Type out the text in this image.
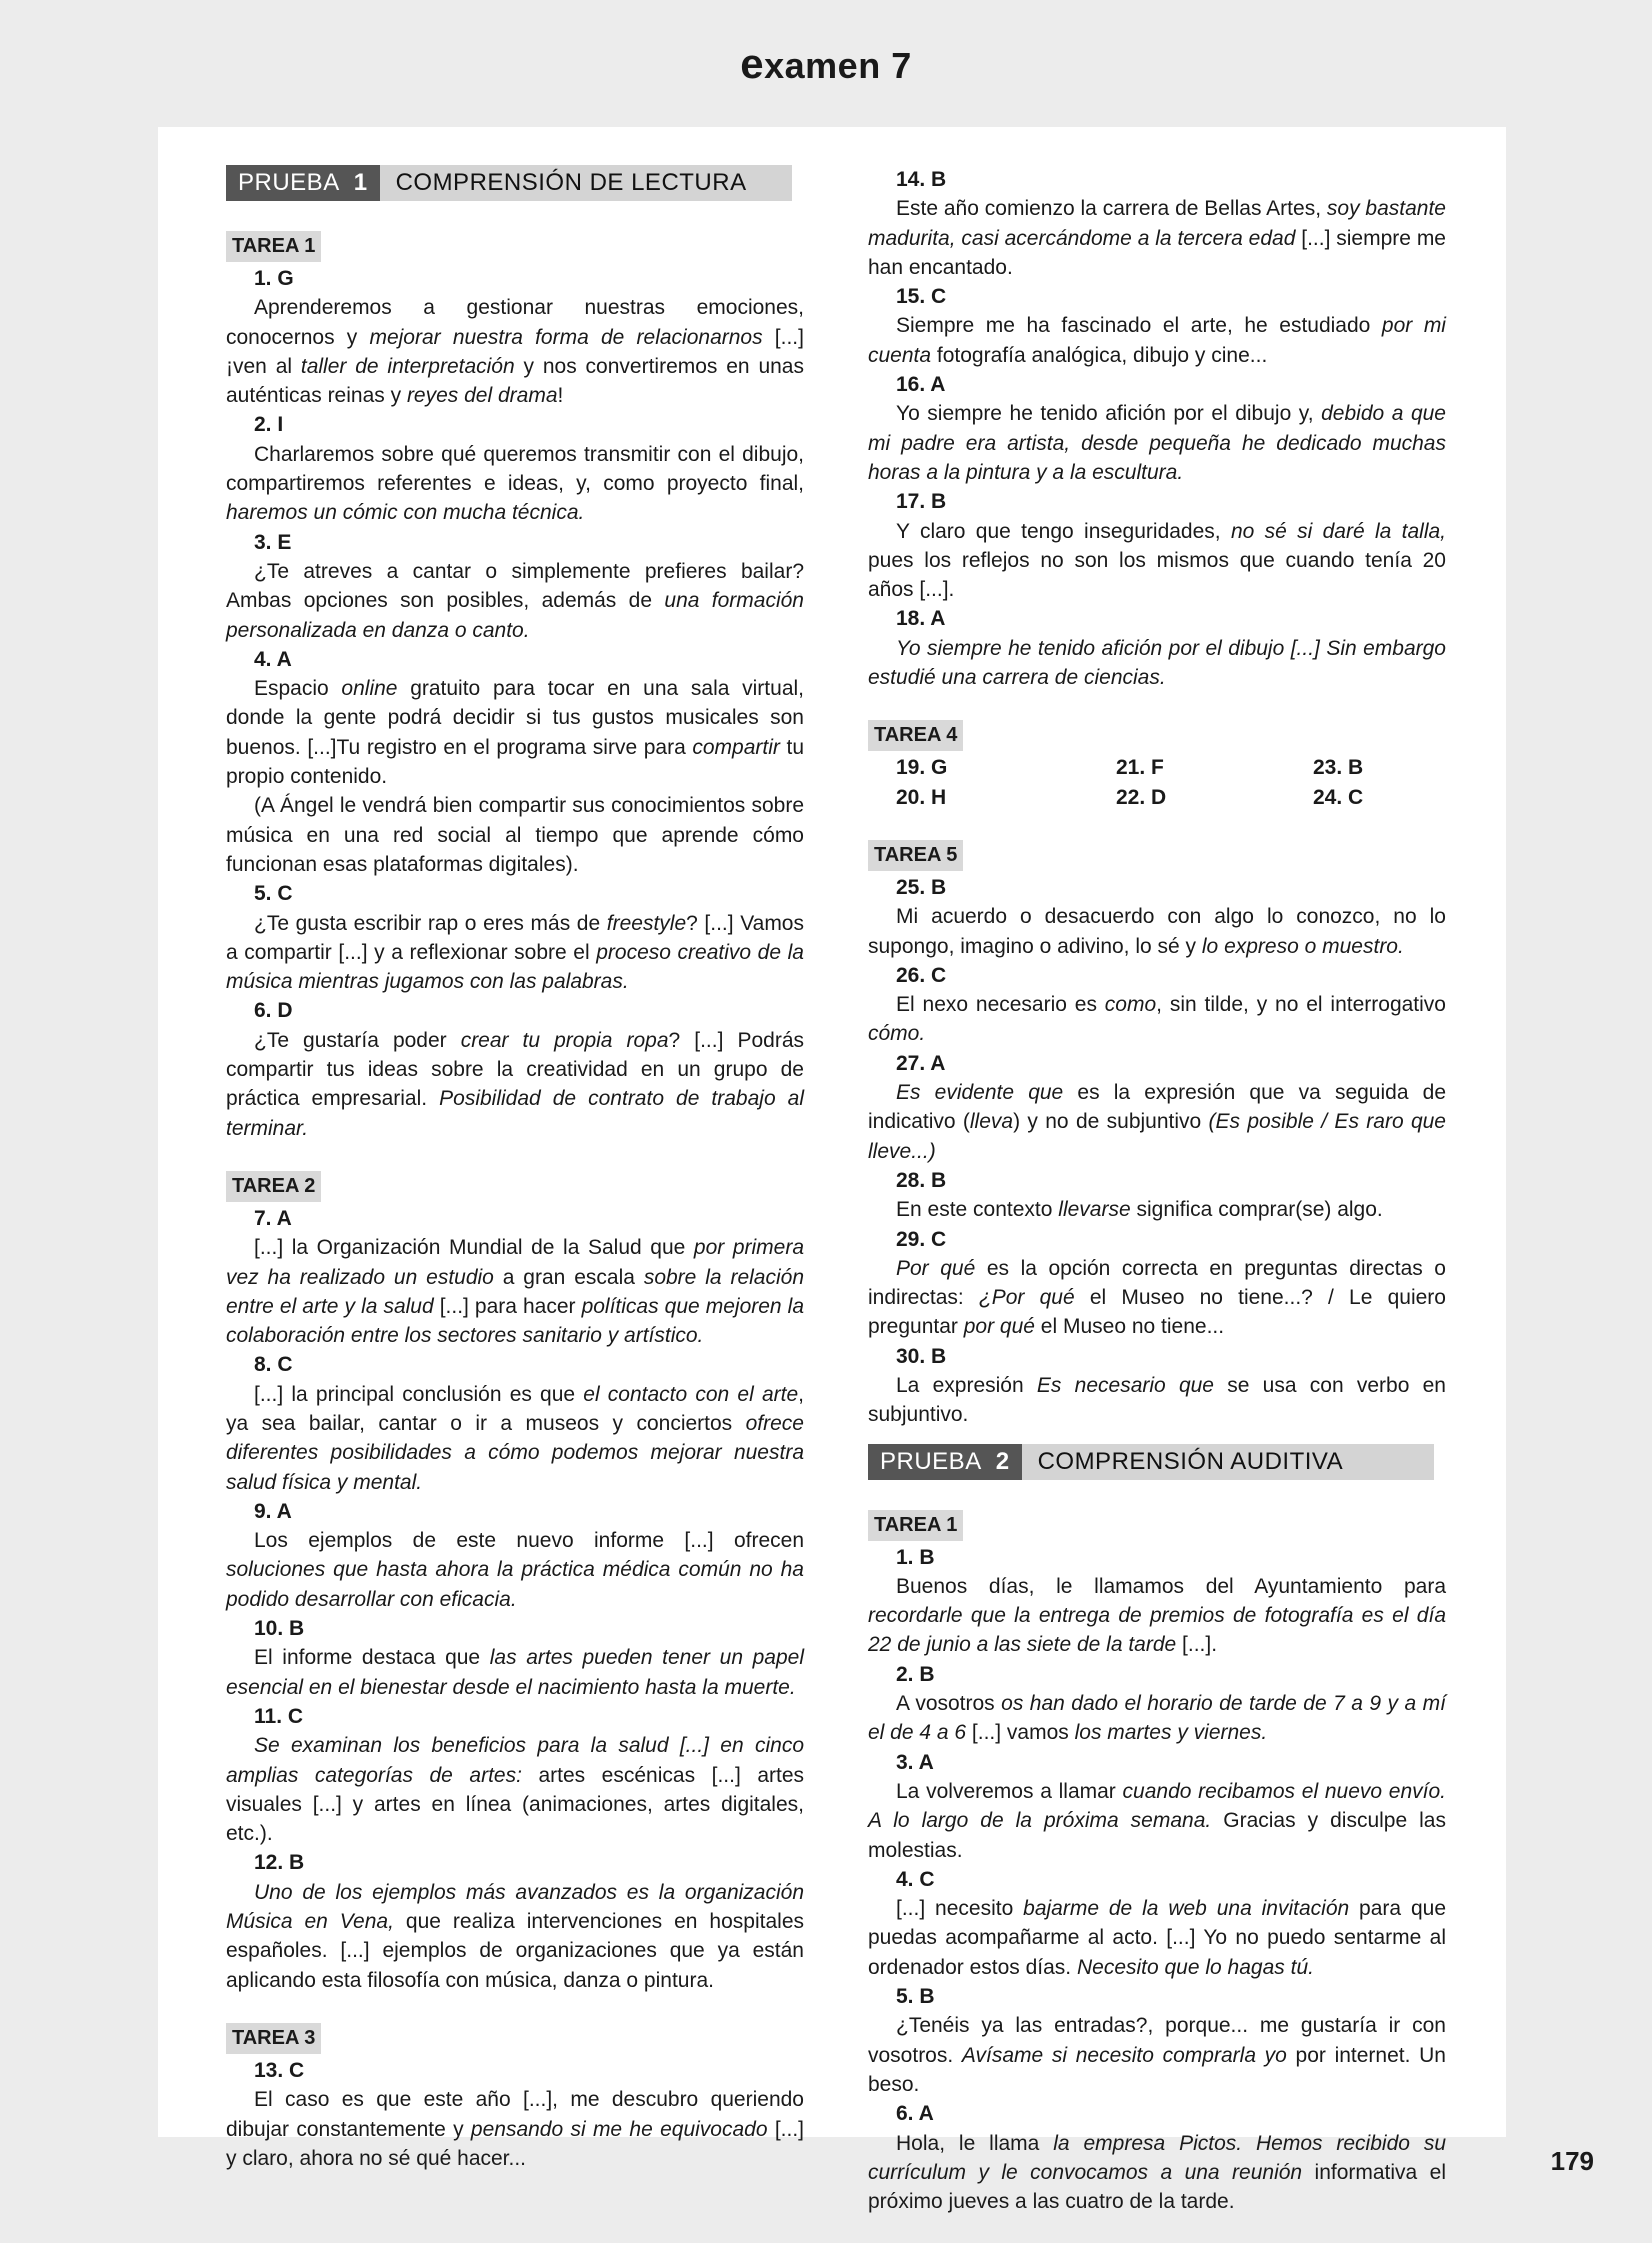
examen 7
PRUEBA 1	COMPRENSIÓN DE LECTURA
TAREA 1
1. G
Aprenderemos a gestionar nuestras emociones, conocernos y mejorar nuestra forma de relacionarnos [...] ¡ven al taller de interpretación y nos convertiremos en unas auténticas reinas y reyes del drama!
2. I
Charlaremos sobre qué queremos transmitir con el dibujo, compartiremos referentes e ideas, y, como proyecto final, haremos un cómic con mucha técnica.
3. E
¿Te atreves a cantar o simplemente prefieres bailar? Ambas opciones son posibles, además de una formación personalizada en danza o canto.
4. A
Espacio online gratuito para tocar en una sala virtual, donde la gente podrá decidir si tus gustos musicales son buenos. [...]Tu registro en el programa sirve para compartir tu propio contenido.
(A Ángel le vendrá bien compartir sus conocimientos sobre música en una red social al tiempo que aprende cómo funcionan esas plataformas digitales).
5. C
¿Te gusta escribir rap o eres más de freestyle? [...] Vamos a compartir [...] y a reflexionar sobre el proceso creativo de la música mientras jugamos con las palabras.
6. D
¿Te gustaría poder crear tu propia ropa? [...] Podrás compartir tus ideas sobre la creatividad en un grupo de práctica empresarial. Posibilidad de contrato de trabajo al terminar.
TAREA 2
7. A
[...] la Organización Mundial de la Salud que por primera vez ha realizado un estudio a gran escala sobre la relación entre el arte y la salud [...] para hacer políticas que mejoren la colaboración entre los sectores sanitario y artístico.
8. C
[...] la principal conclusión es que el contacto con el arte, ya sea bailar, cantar o ir a museos y conciertos ofrece diferentes posibilidades a cómo podemos mejorar nuestra salud física y mental.
9. A
Los ejemplos de este nuevo informe [...] ofrecen soluciones que hasta ahora la práctica médica común no ha podido desarrollar con eficacia.
10. B
El informe destaca que las artes pueden tener un papel esencial en el bienestar desde el nacimiento hasta la muerte.
11. C
Se examinan los beneficios para la salud [...] en cinco amplias categorías de artes: artes escénicas [...] artes visuales [...] y artes en línea (animaciones, artes digitales, etc.).
12. B
Uno de los ejemplos más avanzados es la organización Música en Vena, que realiza intervenciones en hospitales españoles. [...] ejemplos de organizaciones que ya están aplicando esta filosofía con música, danza o pintura.
TAREA 3
13. C
El caso es que este año [...], me descubro queriendo dibujar constantemente y pensando si me he equivocado [...] y claro, ahora no sé qué hacer...
14. B
Este año comienzo la carrera de Bellas Artes, soy bastante madurita, casi acercándome a la tercera edad [...] siempre me han encantado.
15. C
Siempre me ha fascinado el arte, he estudiado por mi cuenta fotografía analógica, dibujo y cine...
16. A
Yo siempre he tenido afición por el dibujo y, debido a que mi padre era artista, desde pequeña he dedicado muchas horas a la pintura y a la escultura.
17. B
Y claro que tengo inseguridades, no sé si daré la talla, pues los reflejos no son los mismos que cuando tenía 20 años [...].
18. A
Yo siempre he tenido afición por el dibujo [...] Sin embargo estudié una carrera de ciencias.
TAREA 4
19. G	21. F	23. B
20. H	22. D	24. C
TAREA 5
25. B
Mi acuerdo o desacuerdo con algo lo conozco, no lo supongo, imagino o adivino, lo sé y lo expreso o muestro.
26. C
El nexo necesario es como, sin tilde, y no el interrogativo cómo.
27. A
Es evidente que es la expresión que va seguida de indicativo (lleva) y no de subjuntivo (Es posible / Es raro que lleve...)
28. B
En este contexto llevarse significa comprar(se) algo.
29. C
Por qué es la opción correcta en preguntas directas o indirectas: ¿Por qué el Museo no tiene...? / Le quiero preguntar por qué el Museo no tiene...
30. B
La expresión Es necesario que se usa con verbo en subjuntivo.
PRUEBA 2	COMPRENSIÓN AUDITIVA
TAREA 1
1. B
Buenos días, le llamamos del Ayuntamiento para recordarle que la entrega de premios de fotografía es el día 22 de junio a las siete de la tarde [...].
2. B
A vosotros os han dado el horario de tarde de 7 a 9 y a mí el de 4 a 6 [...] vamos los martes y viernes.
3. A
La volveremos a llamar cuando recibamos el nuevo envío. A lo largo de la próxima semana. Gracias y disculpe las molestias.
4. C
[...] necesito bajarme de la web una invitación para que puedas acompañarme al acto. [...] Yo no puedo sentarme al ordenador estos días. Necesito que lo hagas tú.
5. B
¿Tenéis ya las entradas?, porque... me gustaría ir con vosotros. Avísame si necesito comprarla yo por internet. Un beso.
6. A
Hola, le llama la empresa Pictos. Hemos recibido su currículum y le convocamos a una reunión informativa el próximo jueves a las cuatro de la tarde.
179
